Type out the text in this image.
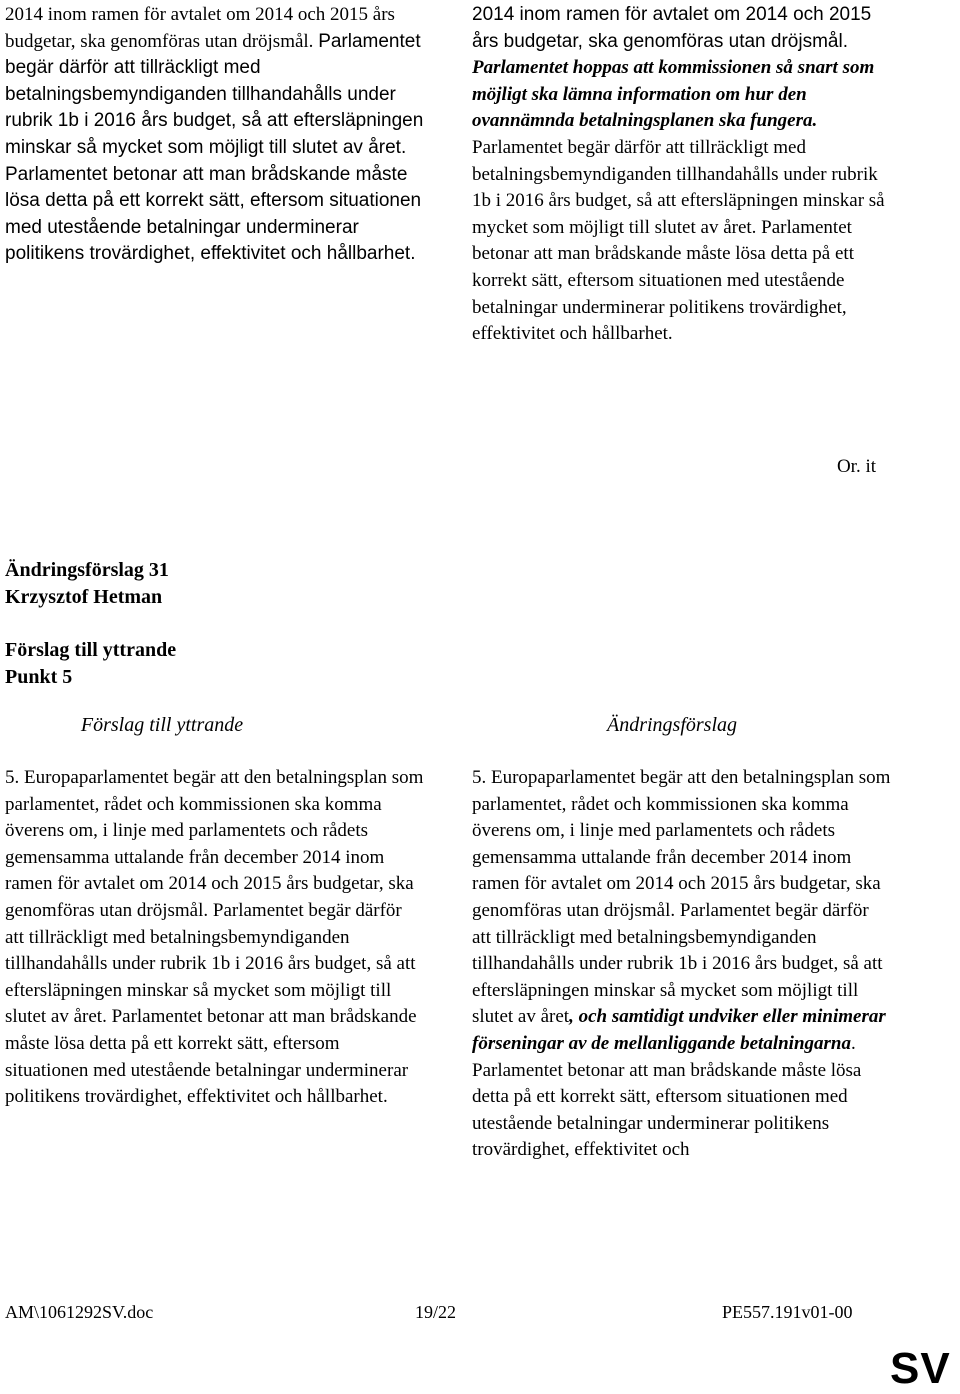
2014 inom ramen för avtalet om 2014 och 2015 års budgetar, ska genomföras utan dröjsmål. Parlamentet begär därför att tillräckligt med betalningsbemyndiganden tillhandahålls under rubrik 1b i 2016 års budget, så att eftersläpningen minskar så mycket som möjligt till slutet av året. Parlamentet betonar att man brådskande måste lösa detta på ett korrekt sätt, eftersom situationen med utestående betalningar underminerar politikens trovärdighet, effektivitet och hållbarhet.

2014 inom ramen för avtalet om 2014 och 2015 års budgetar, ska genomföras utan dröjsmål. Parlamentet hoppas att kommissionen så snart som möjligt ska lämna information om hur den ovannämnda betalningsplanen ska fungera. Parlamentet begär därför att tillräckligt med betalningsbemyndiganden tillhandahålls under rubrik 1b i 2016 års budget, så att eftersläpningen minskar så mycket som möjligt till slutet av året. Parlamentet betonar att man brådskande måste lösa detta på ett korrekt sätt, eftersom situationen med utestående betalningar underminerar politikens trovärdighet, effektivitet och hållbarhet.

Or. it
Ändringsförslag 31
Krzysztof Hetman
Förslag till yttrande
Punkt 5
Förslag till yttrande	Ändringsförslag

5. Europaparlamentet begär att den betalningsplan som parlamentet, rådet och kommissionen ska komma överens om, i linje med parlamentets och rådets gemensamma uttalande från december 2014 inom ramen för avtalet om 2014 och 2015 års budgetar, ska genomföras utan dröjsmål. Parlamentet begär därför att tillräckligt med betalningsbemyndiganden tillhandahålls under rubrik 1b i 2016 års budget, så att eftersläpningen minskar så mycket som möjligt till slutet av året. Parlamentet betonar att man brådskande måste lösa detta på ett korrekt sätt, eftersom situationen med utestående betalningar underminerar politikens trovärdighet, effektivitet och hållbarhet.

5. Europaparlamentet begär att den betalningsplan som parlamentet, rådet och kommissionen ska komma överens om, i linje med parlamentets och rådets gemensamma uttalande från december 2014 inom ramen för avtalet om 2014 och 2015 års budgetar, ska genomföras utan dröjsmål. Parlamentet begär därför att tillräckligt med betalningsbemyndiganden tillhandahålls under rubrik 1b i 2016 års budget, så att eftersläpningen minskar så mycket som möjligt till slutet av året, och samtidigt undviker eller minimerar förseningar av de mellanliggande betalningarna. Parlamentet betonar att man brådskande måste lösa detta på ett korrekt sätt, eftersom situationen med utestående betalningar underminerar politikens trovärdighet, effektivitet och

AM\1061292SV.doc	19/22	PE557.191v01-00
SV
